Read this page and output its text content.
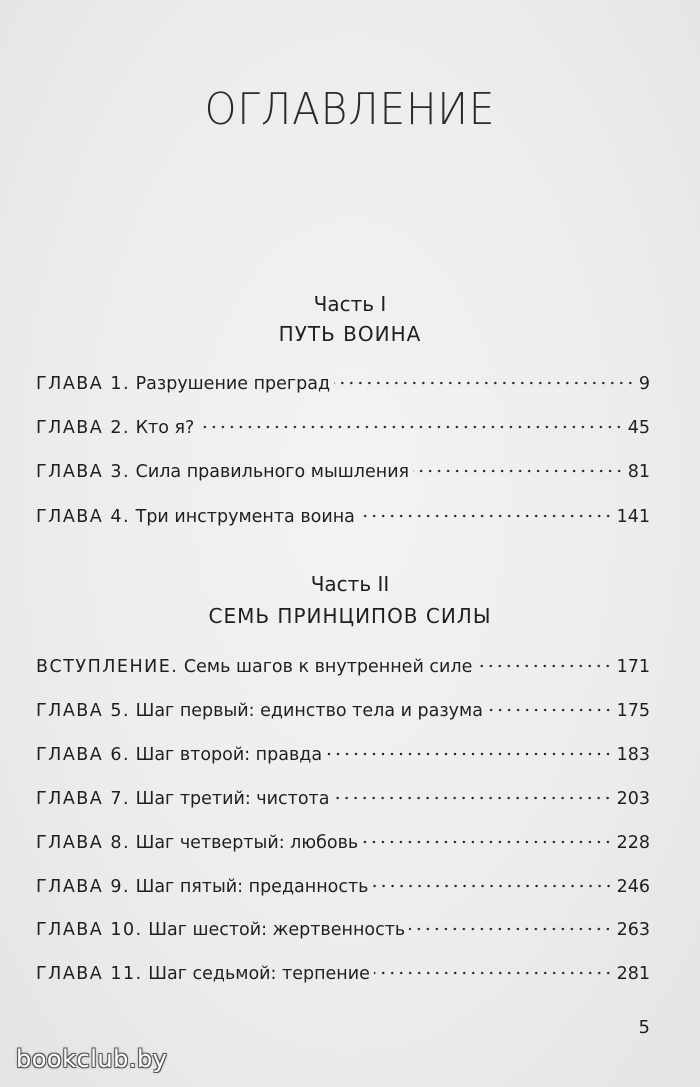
ОГЛАВЛЕНИЕ
Часть I
ПУТЬ ВОИНА
ГЛАВА 1. Разрушение преград	9
ГЛАВА 2. Кто я?	45
ГЛАВА 3. Сила правильного мышления	81
ГЛАВА 4. Три инструмента воина	141
Часть II
СЕМЬ ПРИНЦИПОВ СИЛЫ
ВСТУПЛЕНИЕ. Семь шагов к внутренней силе	171
ГЛАВА 5. Шаг первый: единство тела и разума	175
ГЛАВА 6. Шаг второй: правда	183
ГЛАВА 7. Шаг третий: чистота	203
ГЛАВА 8. Шаг четвертый: любовь	228
ГЛАВА 9. Шаг пятый: преданность	246
ГЛАВА 10. Шаг шестой: жертвенность	263
ГЛАВА 11. Шаг седьмой: терпение	281
5
bookclub.by
